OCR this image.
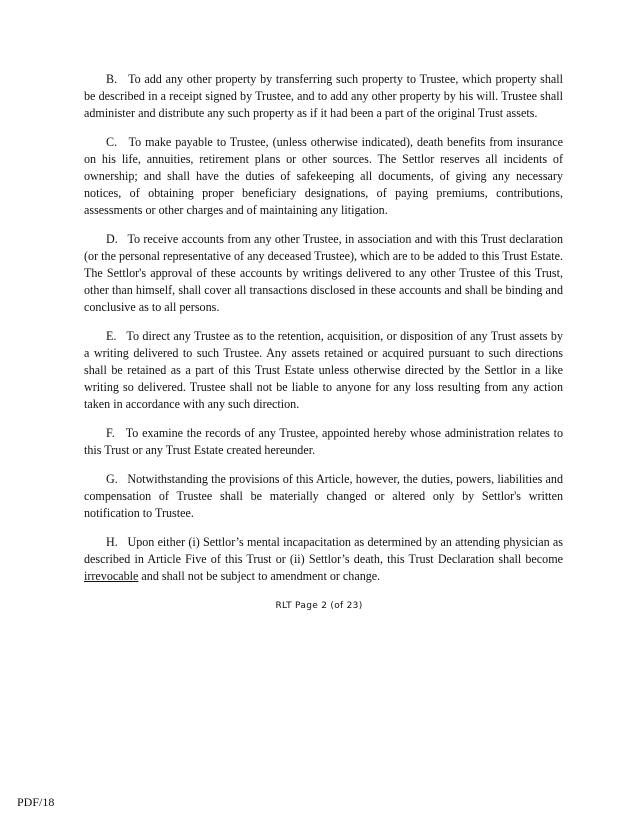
B.   To add any other property by transferring such property to Trustee, which property shall be described in a receipt signed by Trustee, and to add any other property by his will. Trustee shall administer and distribute any such property as if it had been a part of the original Trust assets.

C.   To make payable to Trustee, (unless otherwise indicated), death benefits from insurance on his life, annuities, retirement plans or other sources. The Settlor reserves all incidents of ownership; and shall have the duties of safekeeping all documents, of giving any necessary notices, of obtaining proper beneficiary designations, of paying premiums, contributions, assessments or other charges and of maintaining any litigation.

D.   To receive accounts from any other Trustee, in association and with this Trust declaration (or the personal representative of any deceased Trustee), which are to be added to this Trust Estate. The Settlor's approval of these accounts by writings delivered to any other Trustee of this Trust, other than himself, shall cover all transactions disclosed in these accounts and shall be binding and conclusive as to all persons.

E.   To direct any Trustee as to the retention, acquisition, or disposition of any Trust assets by a writing delivered to such Trustee. Any assets retained or acquired pursuant to such directions shall be retained as a part of this Trust Estate unless otherwise directed by the Settlor in a like writing so delivered. Trustee shall not be liable to anyone for any loss resulting from any action taken in accordance with any such direction.

F.   To examine the records of any Trustee, appointed hereby whose administration relates to this Trust or any Trust Estate created hereunder.

G.   Notwithstanding the provisions of this Article, however, the duties, powers, liabilities and compensation of Trustee shall be materially changed or altered only by Settlor's written notification to Trustee.

H.   Upon either (i) Settlor’s mental incapacitation as determined by an attending physician as described in Article Five of this Trust or (ii) Settlor’s death, this Trust Declaration shall become irrevocable and shall not be subject to amendment or change.

RLT Page 2 (of 23)
PDF/18
